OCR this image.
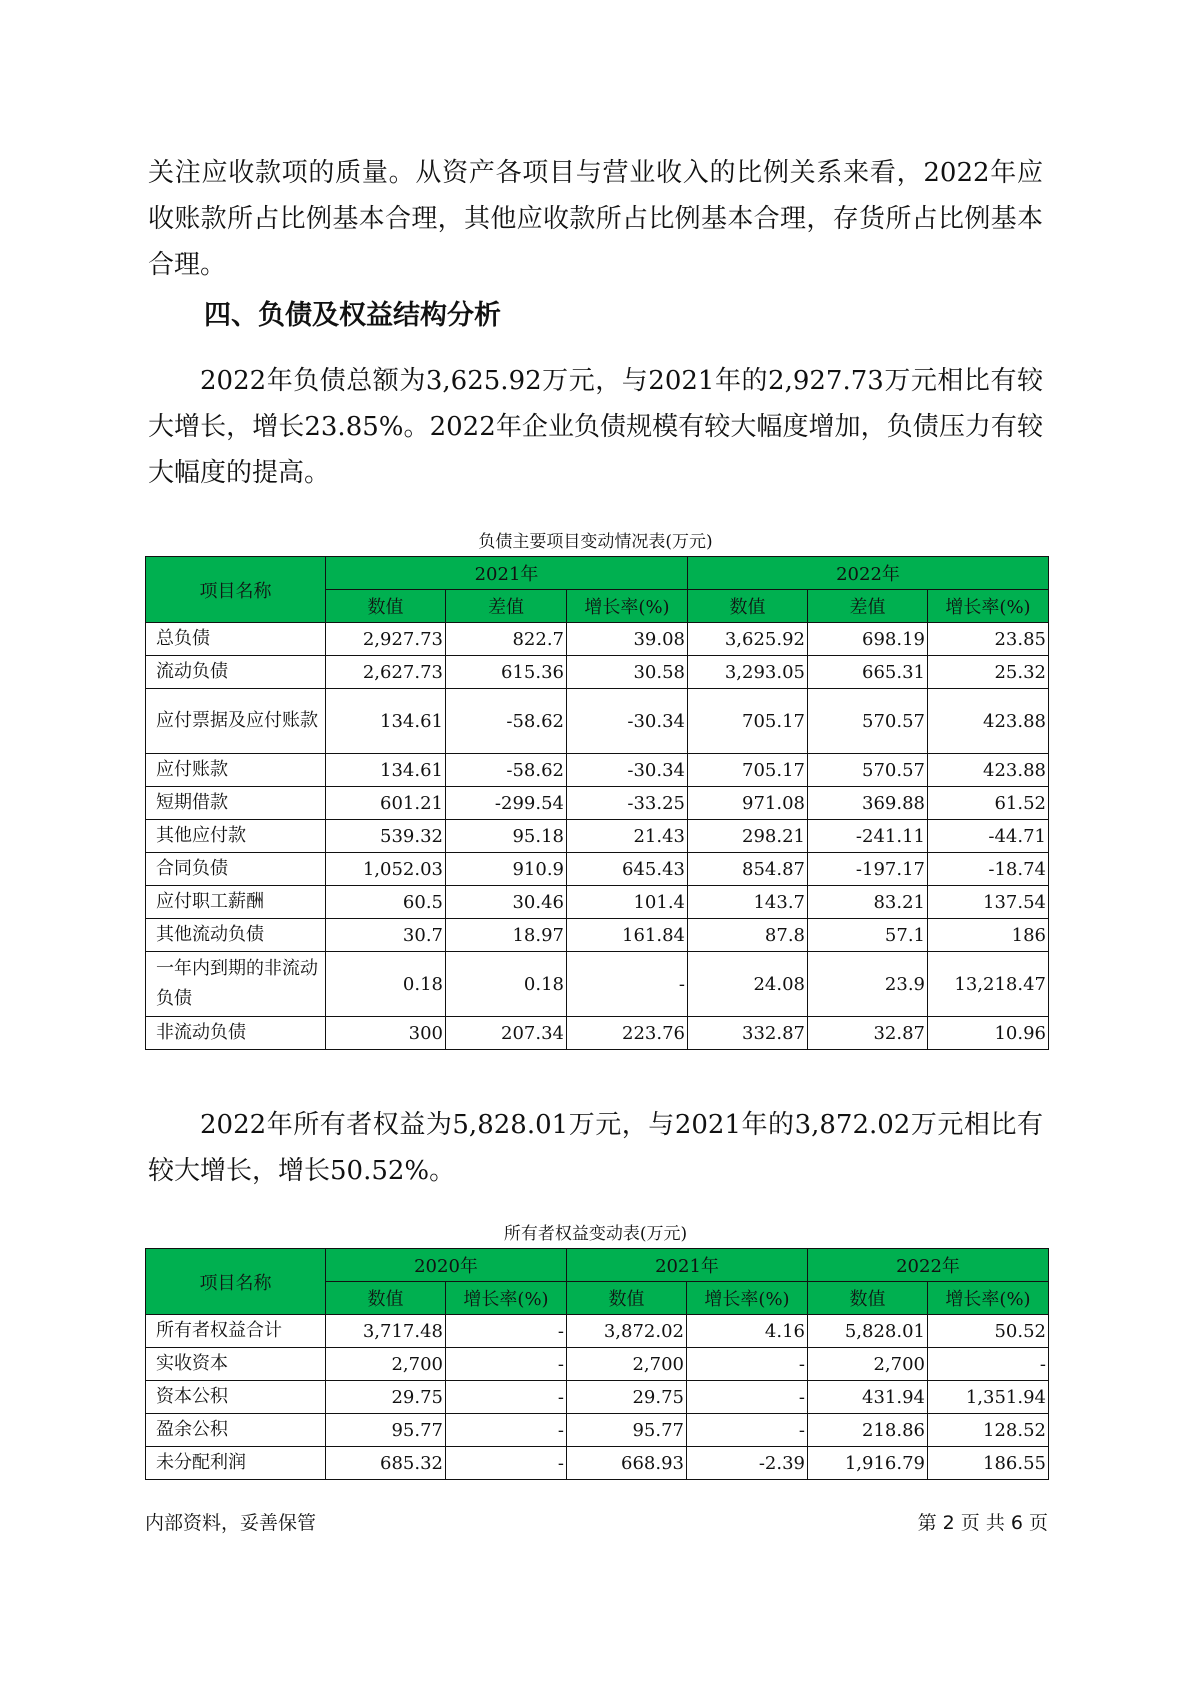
关注应收款项的质量。从资产各项目与营业收入的比例关系来看，2022年应收账款所占比例基本合理，其他应收款所占比例基本合理，存货所占比例基本合理。

四、负债及权益结构分析

2022年负债总额为3,625.92万元，与2021年的2,927.73万元相比有较大增长，增长23.85%。2022年企业负债规模有较大幅度增加，负债压力有较大幅度的提高。

负债主要项目变动情况表(万元)

项目名称	2021年			2022年		
	数值	差值	增长率(%)	数值	差值	增长率(%)
总负债	2,927.73	822.7	39.08	3,625.92	698.19	23.85
流动负债	2,627.73	615.36	30.58	3,293.05	665.31	25.32
应付票据及应付账款	134.61	-58.62	-30.34	705.17	570.57	423.88
应付账款	134.61	-58.62	-30.34	705.17	570.57	423.88
短期借款	601.21	-299.54	-33.25	971.08	369.88	61.52
其他应付款	539.32	95.18	21.43	298.21	-241.11	-44.71
合同负债	1,052.03	910.9	645.43	854.87	-197.17	-18.74
应付职工薪酬	60.5	30.46	101.4	143.7	83.21	137.54
其他流动负债	30.7	18.97	161.84	87.8	57.1	186
一年内到期的非流动负债	0.18	0.18	-	24.08	23.9	13,218.47
非流动负债	300	207.34	223.76	332.87	32.87	10.96

2022年所有者权益为5,828.01万元，与2021年的3,872.02万元相比有较大增长，增长50.52%。

所有者权益变动表(万元)

项目名称	2020年		2021年		2022年	
	数值	增长率(%)	数值	增长率(%)	数值	增长率(%)
所有者权益合计	3,717.48	-	3,872.02	4.16	5,828.01	50.52
实收资本	2,700	-	2,700	-	2,700	-
资本公积	29.75	-	29.75	-	431.94	1,351.94
盈余公积	95.77	-	95.77	-	218.86	128.52
未分配利润	685.32	-	668.93	-2.39	1,916.79	186.55

内部资料，妥善保管	第 2 页 共 6 页
